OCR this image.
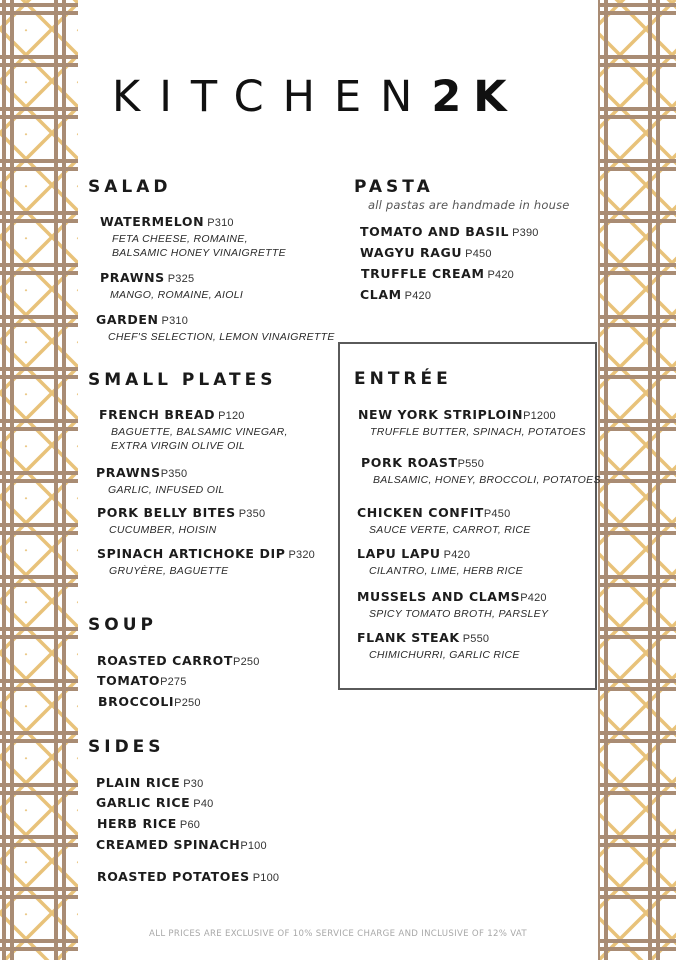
KITCHEN2K
SALAD
WATERMELON P310
FETA CHEESE, ROMAINE,
BALSAMIC HONEY VINAIGRETTE
PRAWNS P325
MANGO, ROMAINE, AIOLI
GARDEN P310
CHEF'S SELECTION, LEMON VINAIGRETTE
PASTA
all pastas are handmade in house
TOMATO AND BASIL P390
WAGYU RAGU P450
TRUFFLE CREAM P420
CLAM P420
SMALL PLATES
FRENCH BREAD P120
BAGUETTE, BALSAMIC VINEGAR,
EXTRA VIRGIN OLIVE OIL
PRAWNSP350
GARLIC, INFUSED OIL
PORK BELLY BITES P350
CUCUMBER, HOISIN
SPINACH ARTICHOKE DIP P320
GRUYÈRE, BAGUETTE
ENTRÉE
NEW YORK STRIPLOINP1200
TRUFFLE BUTTER, SPINACH, POTATOES
PORK ROASTP550
BALSAMIC, HONEY, BROCCOLI, POTATOES
CHICKEN CONFITP450
SAUCE VERTE, CARROT, RICE
LAPU LAPU P420
CILANTRO, LIME, HERB RICE
MUSSELS AND CLAMSP420
SPICY TOMATO BROTH, PARSLEY
FLANK STEAK P550
CHIMICHURRI, GARLIC RICE
SOUP
ROASTED CARROTP250
TOMATOP275
BROCCOLIP250
SIDES
PLAIN RICE P30
GARLIC RICE P40
HERB RICE P60
CREAMED SPINACHP100
ROASTED POTATOES P100
ALL PRICES ARE EXCLUSIVE OF 10% SERVICE CHARGE AND INCLUSIVE OF 12% VAT
